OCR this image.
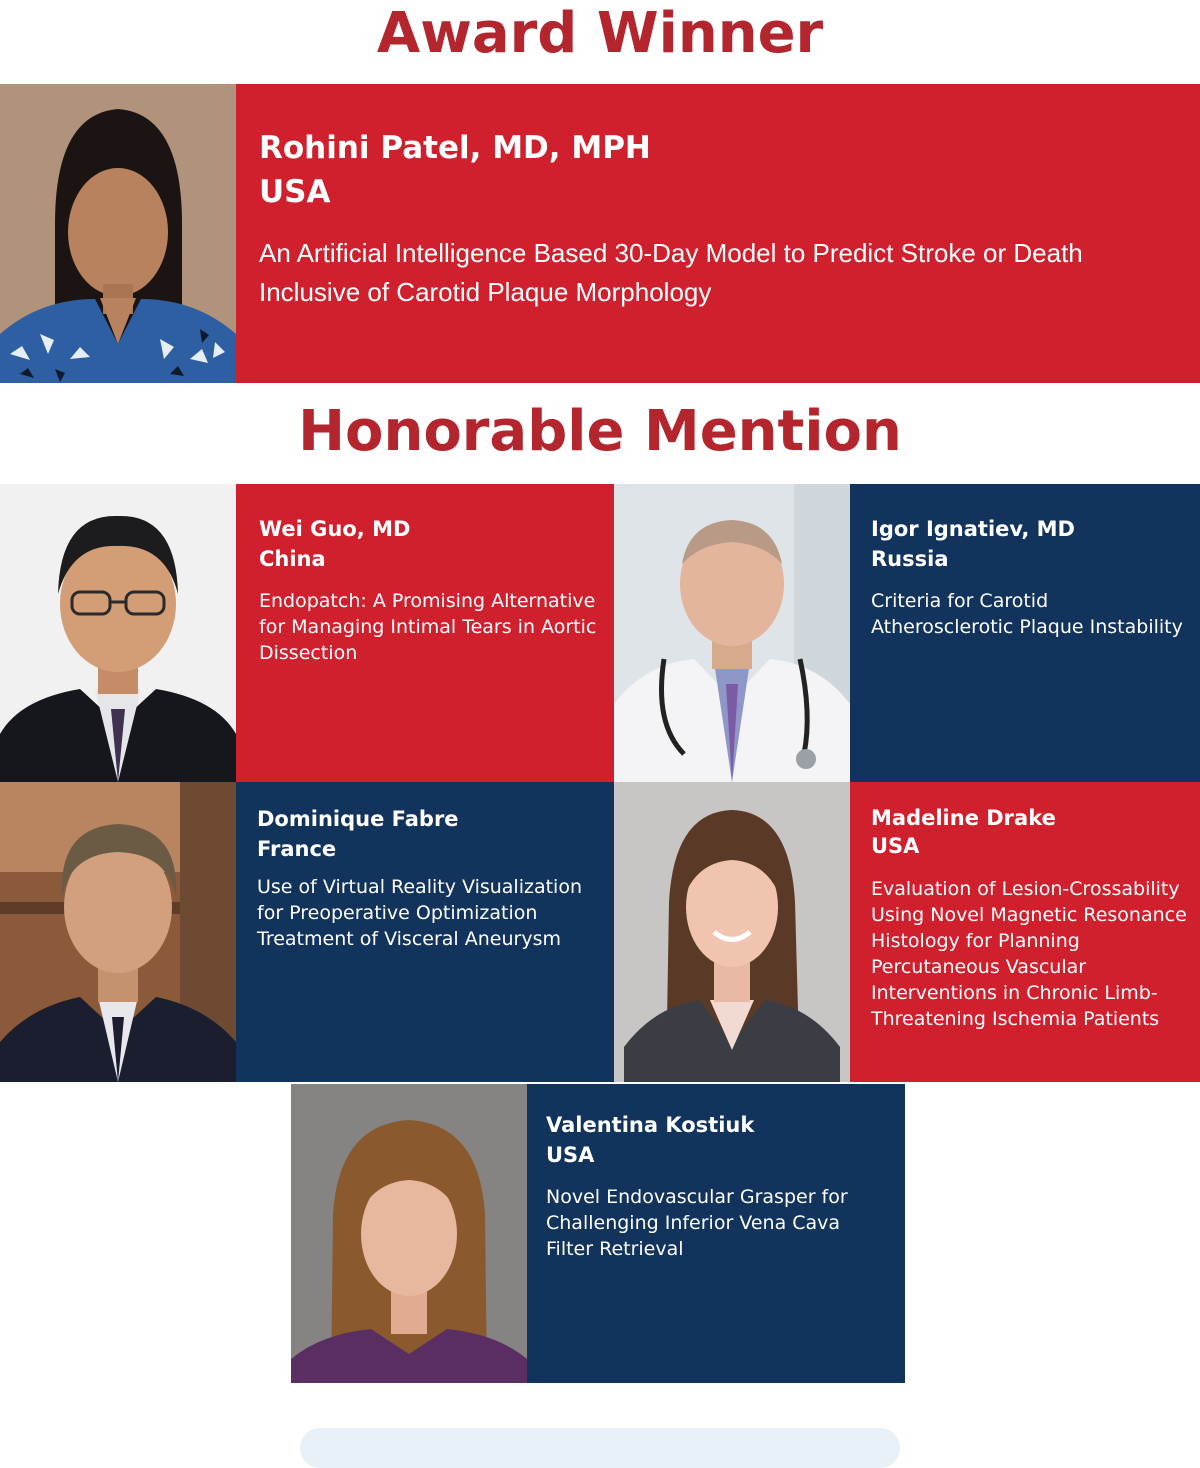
Award Winner

Rohini Patel, MD, MPH

USA

An Artificial Intelligence Based 30-Day Model to Predict Stroke or Death Inclusive of Carotid Plaque Morphology

Honorable Mention

Wei Guo, MD

China

Endopatch: A Promising Alternative for Managing Intimal Tears in Aortic Dissection

Igor Ignatiev, MD

Russia

Criteria for Carotid Atherosclerotic Plaque Instability

Dominique Fabre

France

Use of Virtual Reality Visualization for Preoperative Optimization Treatment of Visceral Aneurysm

Madeline Drake

USA

Evaluation of Lesion-Crossability Using Novel Magnetic Resonance Histology for Planning Percutaneous Vascular Interventions in Chronic Limb-Threatening Ischemia Patients

Valentina Kostiuk

USA

Novel Endovascular Grasper for Challenging Inferior Vena Cava Filter Retrieval
